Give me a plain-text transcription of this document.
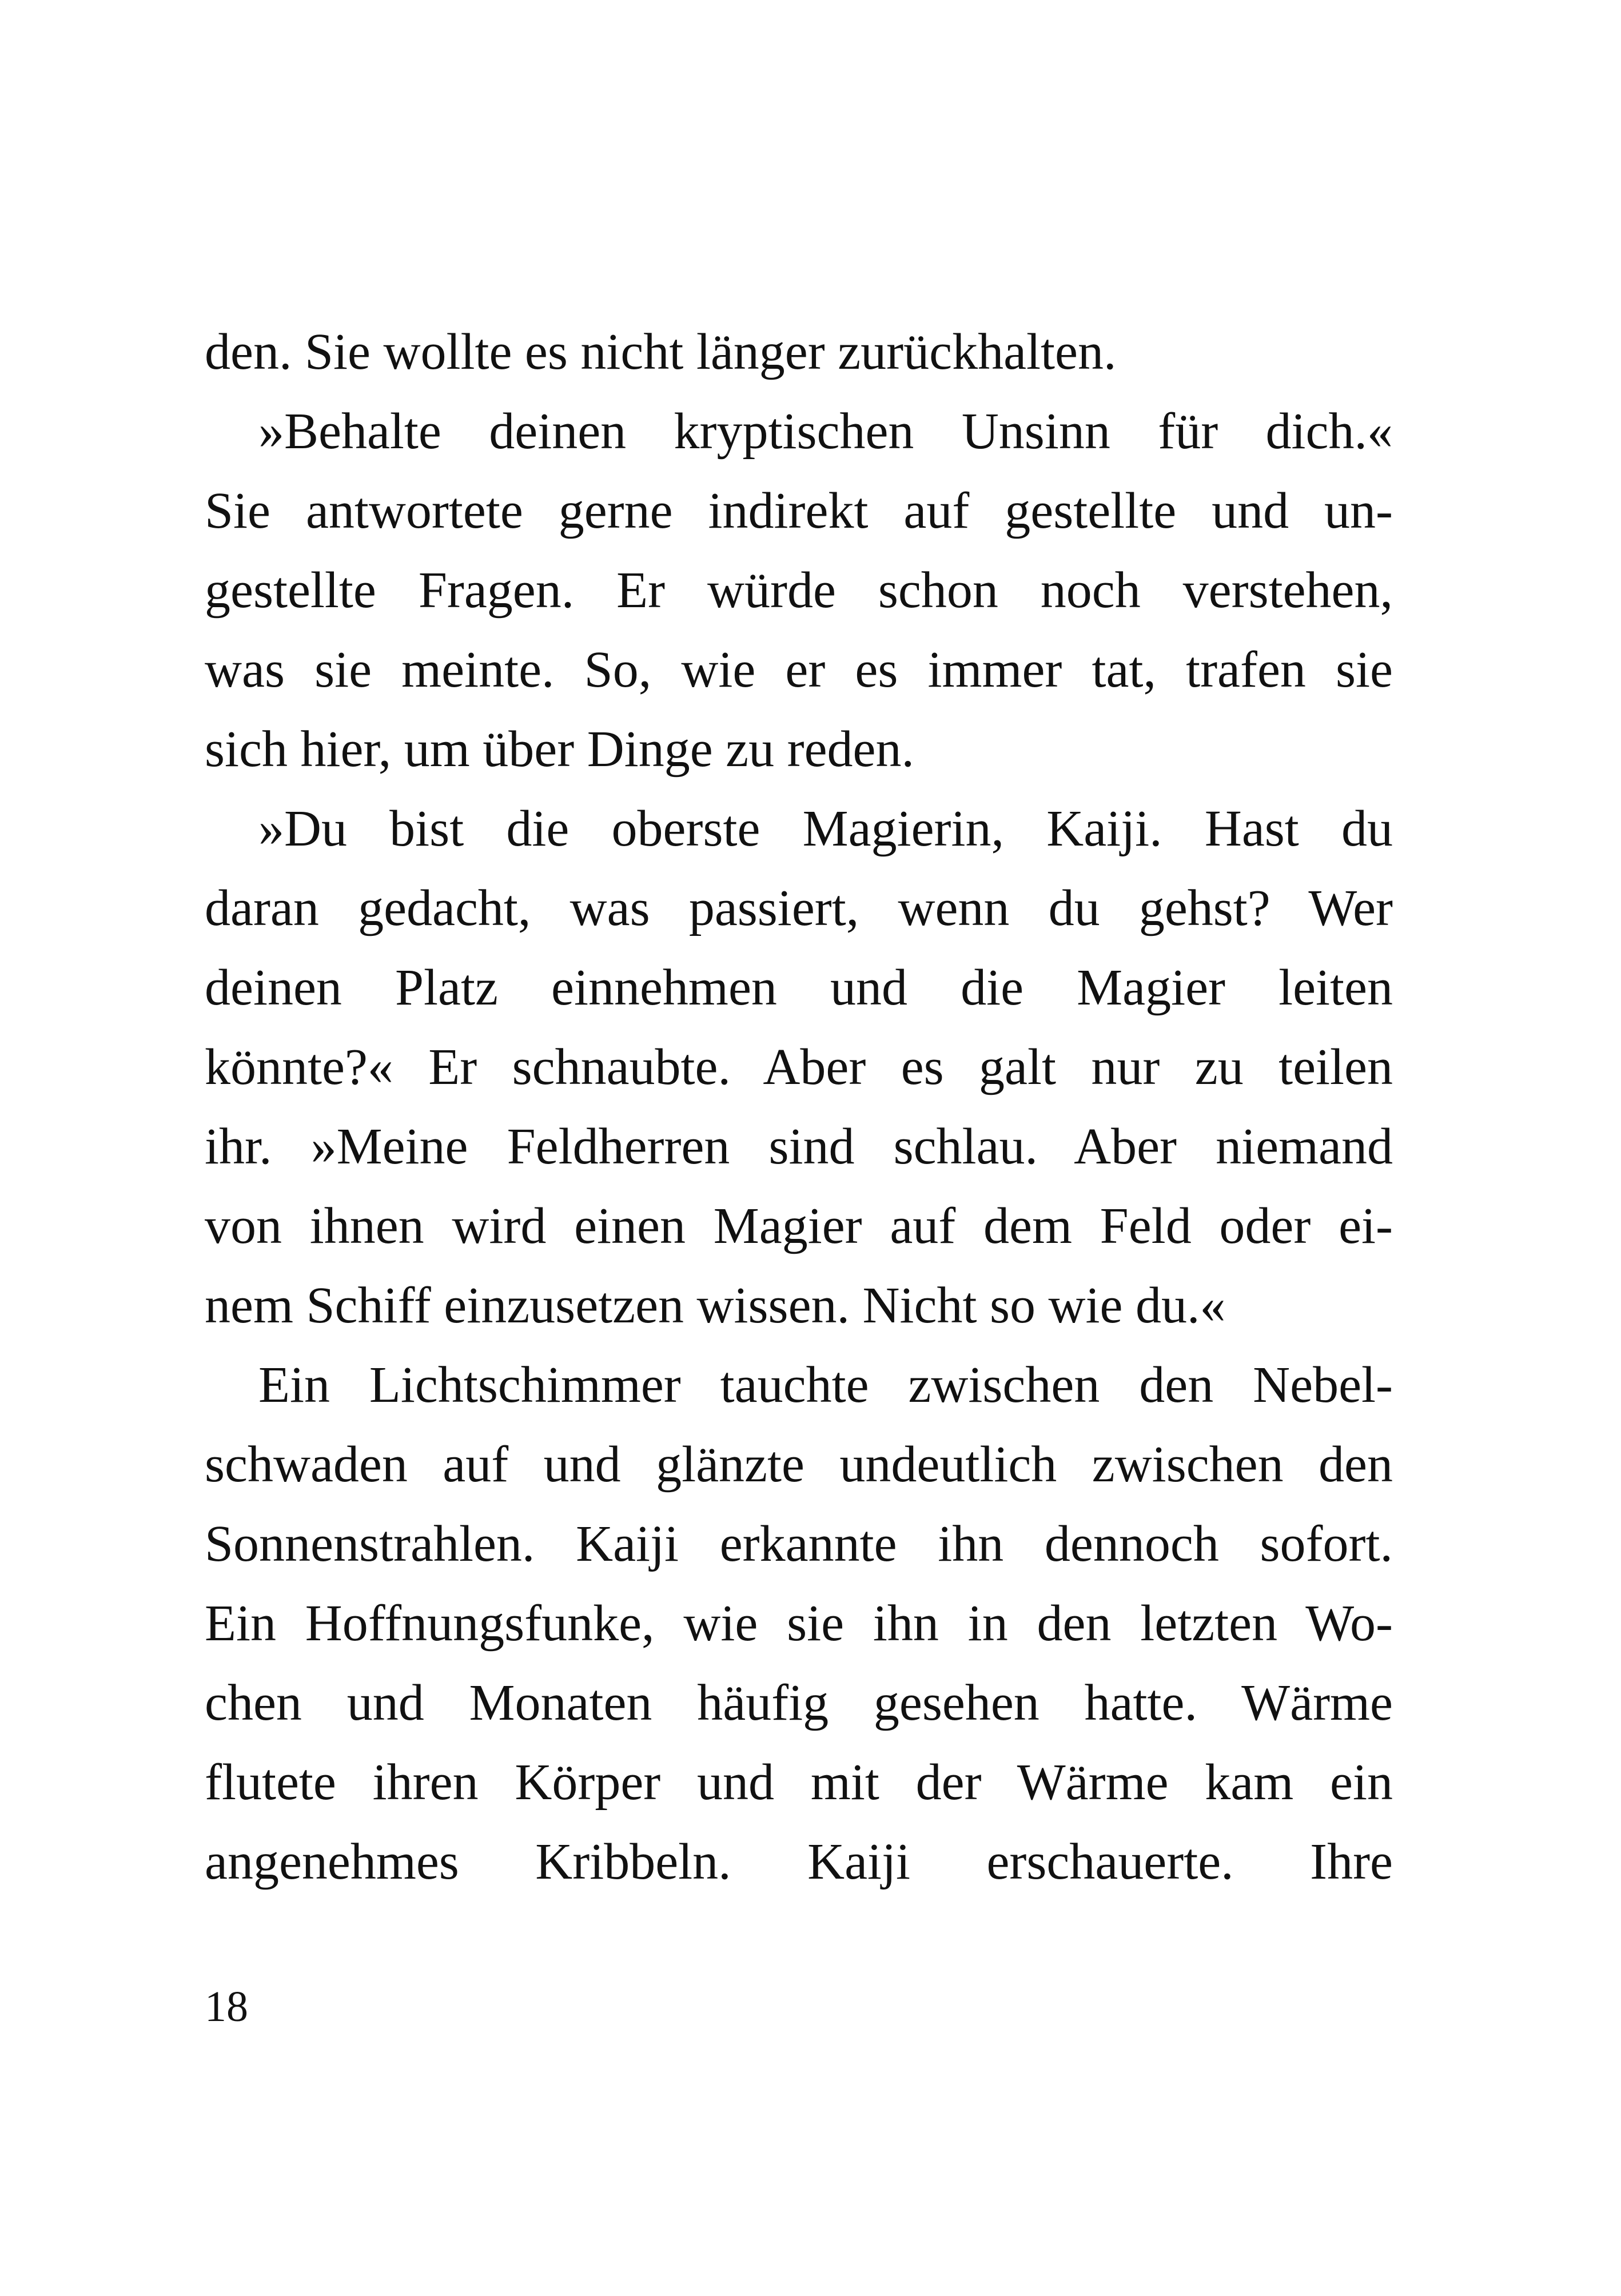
den. Sie wollte es nicht länger zurückhalten.
»Behalte deinen kryptischen Unsinn für dich.«
Sie antwortete gerne indirekt auf gestellte und un-
gestellte Fragen. Er würde schon noch verstehen,
was sie meinte. So, wie er es immer tat, trafen sie
sich hier, um über Dinge zu reden.
»Du bist die oberste Magierin, Kaiji. Hast du
daran gedacht, was passiert, wenn du gehst? Wer
deinen Platz einnehmen und die Magier leiten
könnte?« Er schnaubte. Aber es galt nur zu teilen
ihr. »Meine Feldherren sind schlau. Aber niemand
von ihnen wird einen Magier auf dem Feld oder ei-
nem Schiff einzusetzen wissen. Nicht so wie du.«
Ein Lichtschimmer tauchte zwischen den Nebel-
schwaden auf und glänzte undeutlich zwischen den
Sonnenstrahlen. Kaiji erkannte ihn dennoch sofort.
Ein Hoffnungsfunke, wie sie ihn in den letzten Wo-
chen und Monaten häufig gesehen hatte. Wärme
flutete ihren Körper und mit der Wärme kam ein
angenehmes Kribbeln. Kaiji erschauerte. Ihre
18
